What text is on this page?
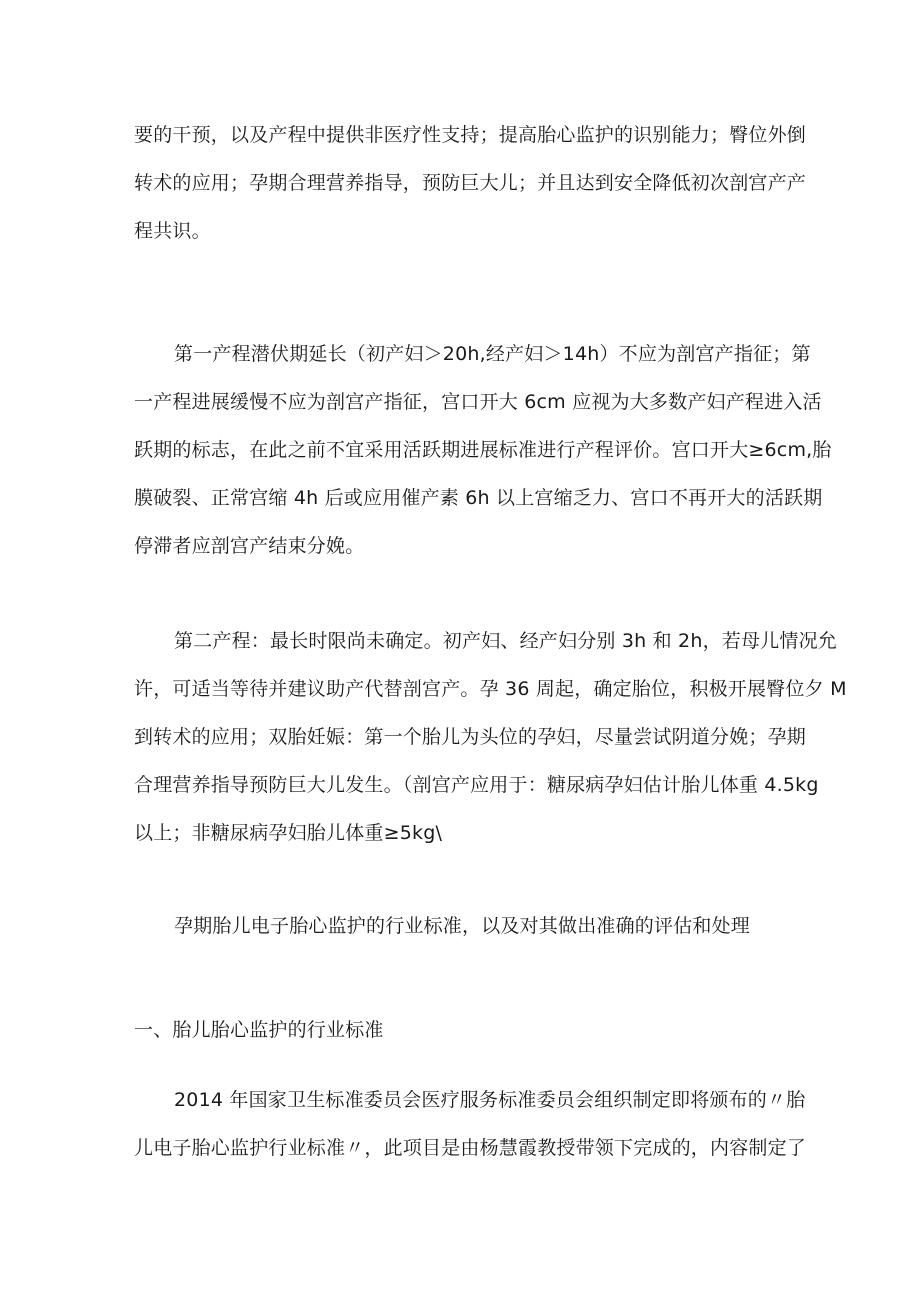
要的干预，以及产程中提供非医疗性支持；提高胎心监护的识别能力；臀位外倒
转术的应用；孕期合理营养指导，预防巨大儿；并且达到安全降低初次剖宫产产
程共识。
第一产程潜伏期延长（初产妇＞20h,经产妇＞14h）不应为剖宫产指征；第
一产程进展缓慢不应为剖宫产指征，宫口开大 6cm 应视为大多数产妇产程进入活
跃期的标志，在此之前不宜采用活跃期进展标准进行产程评价。宫口开大≥6cm,胎
膜破裂、正常宫缩 4h 后或应用催产素 6h 以上宫缩乏力、宫口不再开大的活跃期
停滞者应剖宫产结束分娩。
第二产程：最长时限尚未确定。初产妇、经产妇分别 3h 和 2h，若母儿情况允
许，可适当等待并建议助产代替剖宫产。孕 36 周起，确定胎位，积极开展臀位夕 M
到转术的应用；双胎妊娠：第一个胎儿为头位的孕妇，尽量尝试阴道分娩；孕期
合理营养指导预防巨大儿发生。（剖宫产应用于：糖尿病孕妇估计胎儿体重 4.5kg
以上；非糖尿病孕妇胎儿体重≥5kg\
孕期胎儿电子胎心监护的行业标准，以及对其做出准确的评估和处理
一、胎儿胎心监护的行业标准
2014 年国家卫生标准委员会医疗服务标准委员会组织制定即将颁布的〃胎
儿电子胎心监护行业标准〃，此项目是由杨慧霞教授带领下完成的，内容制定了
